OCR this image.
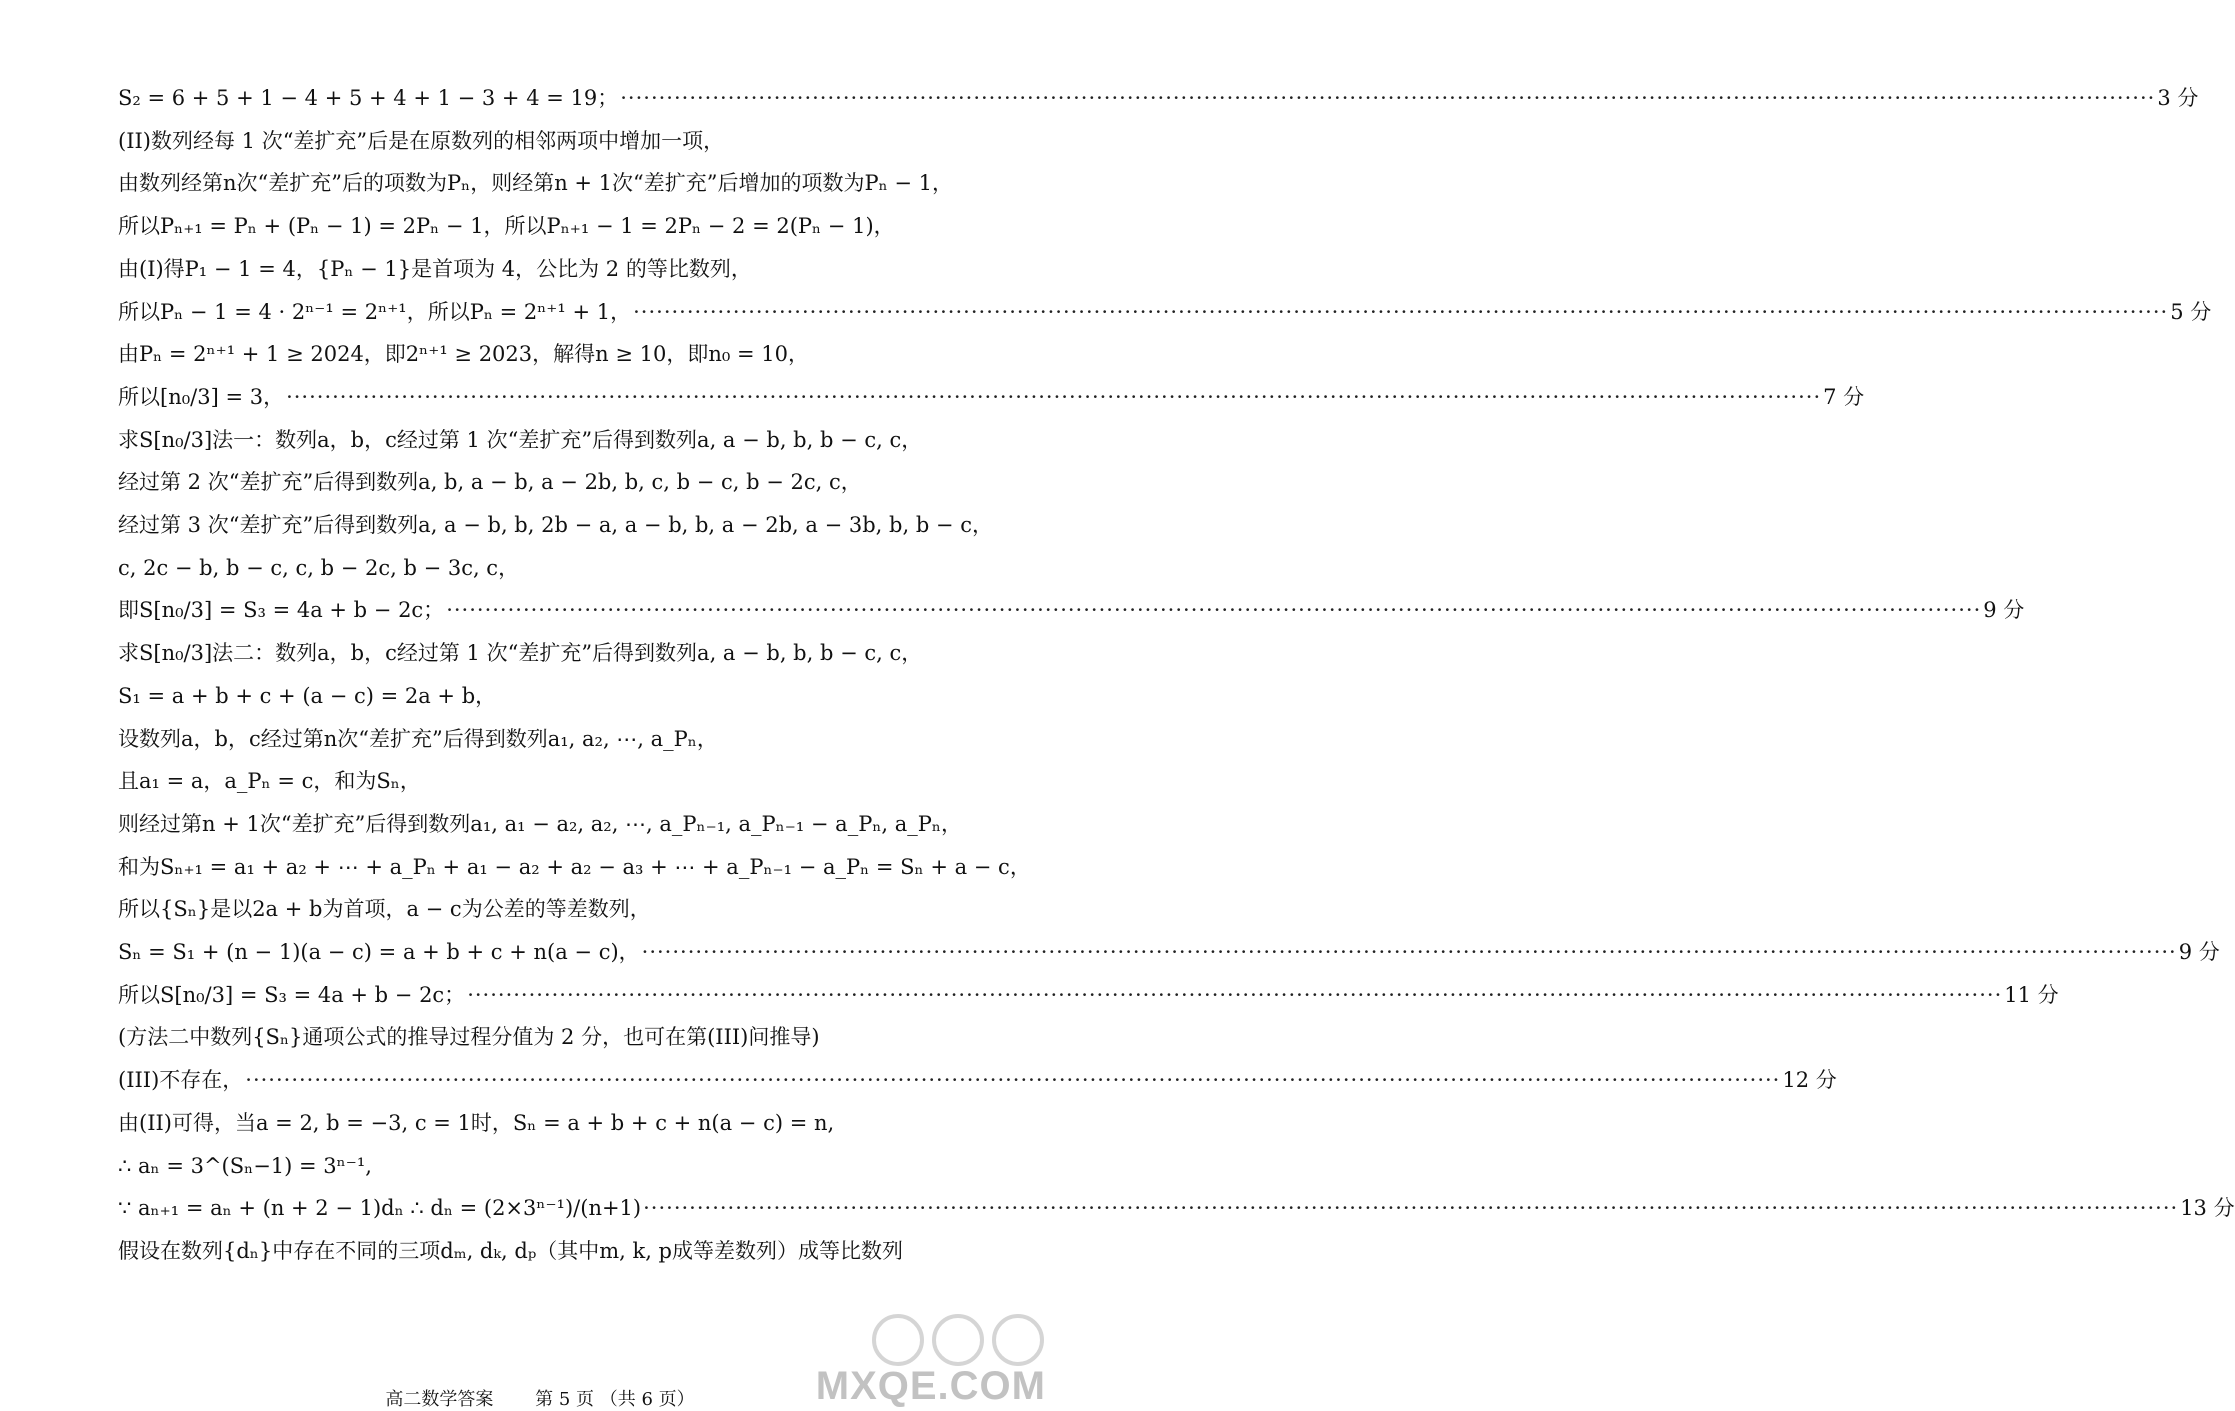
S₂ = 6 + 5 + 1 − 4 + 5 + 4 + 1 − 3 + 4 = 19； ········································································································································································································ 3 分
(II)数列经每 1 次“差扩充”后是在原数列的相邻两项中增加一项，
由数列经第n次“差扩充”后的项数为Pₙ，则经第n + 1次“差扩充”后增加的项数为Pₙ − 1，
所以Pₙ₊₁ = Pₙ + (Pₙ − 1) = 2Pₙ − 1，所以Pₙ₊₁ − 1 = 2Pₙ − 2 = 2(Pₙ − 1)，
由(I)得P₁ − 1 = 4，{Pₙ − 1}是首项为 4，公比为 2 的等比数列，
所以Pₙ − 1 = 4 · 2ⁿ⁻¹ = 2ⁿ⁺¹，所以Pₙ = 2ⁿ⁺¹ + 1， ········································································································································································································ 5 分
由Pₙ = 2ⁿ⁺¹ + 1 ≥ 2024，即2ⁿ⁺¹ ≥ 2023，解得n ≥ 10，即n₀ = 10，
所以[n₀/3] = 3， ········································································································································································································ 7 分
求S[n₀/3]法一：数列a，b，c经过第 1 次“差扩充”后得到数列a, a − b, b, b − c, c，
经过第 2 次“差扩充”后得到数列a, b, a − b, a − 2b, b, c, b − c, b − 2c, c，
经过第 3 次“差扩充”后得到数列a, a − b, b, 2b − a, a − b, b, a − 2b, a − 3b, b, b − c，
c, 2c − b, b − c, c, b − 2c, b − 3c, c，
即S[n₀/3] = S₃ = 4a + b − 2c； ········································································································································································································ 9 分
求S[n₀/3]法二：数列a，b，c经过第 1 次“差扩充”后得到数列a, a − b, b, b − c, c，
S₁ = a + b + c + (a − c) = 2a + b，
设数列a，b，c经过第n次“差扩充”后得到数列a₁, a₂, ⋯, a_Pₙ，
且a₁ = a，a_Pₙ = c，和为Sₙ，
则经过第n + 1次“差扩充”后得到数列a₁, a₁ − a₂, a₂, ⋯, a_Pₙ₋₁, a_Pₙ₋₁ − a_Pₙ, a_Pₙ，
和为Sₙ₊₁ = a₁ + a₂ + ⋯ + a_Pₙ + a₁ − a₂ + a₂ − a₃ + ⋯ + a_Pₙ₋₁ − a_Pₙ = Sₙ + a − c，
所以{Sₙ}是以2a + b为首项，a − c为公差的等差数列，
Sₙ = S₁ + (n − 1)(a − c) = a + b + c + n(a − c)， ········································································································································································································ 9 分
所以S[n₀/3] = S₃ = 4a + b − 2c； ········································································································································································································ 11 分
(方法二中数列{Sₙ}通项公式的推导过程分值为 2 分，也可在第(III)问推导)
(III)不存在， ········································································································································································································ 12 分
由(II)可得，当a = 2, b = −3, c = 1时，Sₙ = a + b + c + n(a − c) = n,
∴ aₙ = 3^(Sₙ−1) = 3ⁿ⁻¹,
∵ aₙ₊₁ = aₙ + (n + 2 − 1)dₙ ∴ dₙ = (2×3ⁿ⁻¹)/(n+1) ········································································································································································································ 13 分
假设在数列{dₙ}中存在不同的三项dₘ, dₖ, dₚ（其中m, k, p成等差数列）成等比数列
高二数学答案 第 5 页 （共 6 页）	MXQE.COM
